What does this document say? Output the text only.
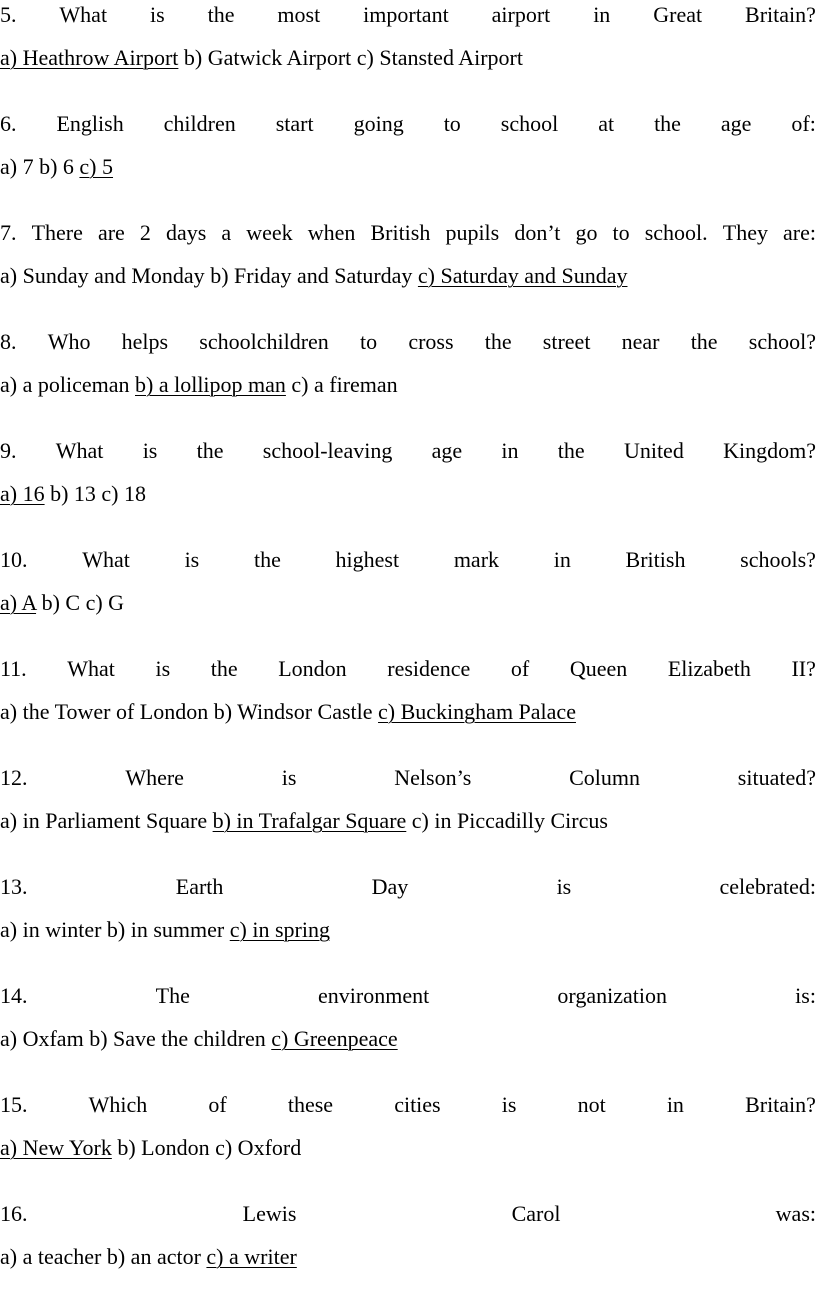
5. What is the most important airport in Great Britain?
a) Heathrow Airport b) Gatwick Airport c) Stansted Airport
6. English children start going to school at the age of:
a) 7 b) 6 c) 5
7. There are 2 days a week when British pupils don’t go to school. They are:
a) Sunday and Monday b) Friday and Saturday c) Saturday and Sunday
8. Who helps schoolchildren to cross the street near the school?
a) a policeman b) a lollipop man c) a fireman
9. What is the school-leaving age in the United Kingdom?
a) 16 b) 13 c) 18
10. What is the highest mark in British schools?
a) A b) C c) G
11. What is the London residence of Queen Elizabeth II?
a) the Tower of London b) Windsor Castle c) Buckingham Palace
12.	Where	is	Nelson’s	Column	situated?
a) in Parliament Square b) in Trafalgar Square c) in Piccadilly Circus
13.	Earth	Day	is	celebrated:
a) in winter b) in summer c) in spring
14.	The	environment	organization	is:
a) Oxfam b) Save the children c) Greenpeace
15.	Which	of	these	cities	is	not	in	Britain?
a) New York b) London c) Oxford
16.	Lewis	Carol	was:
a) a teacher b) an actor c) a writer
